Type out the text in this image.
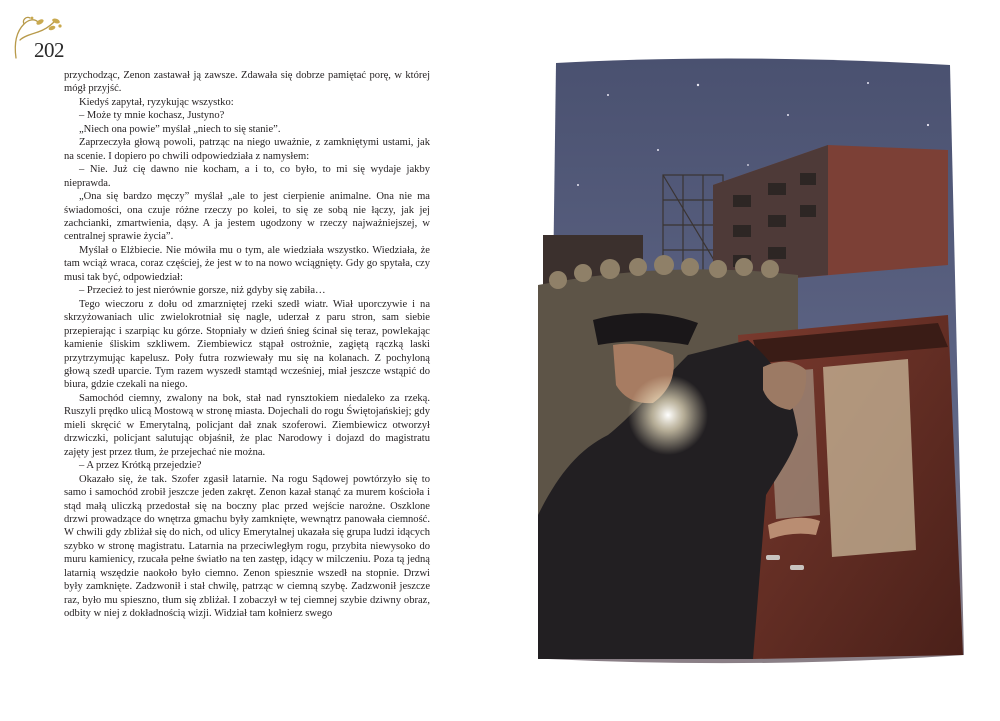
202

przychodząc, Zenon zastawał ją zawsze. Zdawała się dobrze pamiętać porę, w której mógł przyjść.

Kiedyś zapytał, ryzykując wszystko:

– Może ty mnie kochasz, Justyno?

„Niech ona powie” myślał „niech to się stanie”.

Zaprzeczyła głową powoli, patrząc na niego uważnie, z zamkniętymi ustami, jak na scenie. I dopiero po chwili odpowiedziała z namysłem:

– Nie. Już cię dawno nie kocham, a i to, co było, to mi się wydaje jakby nieprawda.

„Ona się bardzo męczy” myślał „ale to jest cierpienie animalne. Ona nie ma świadomości, ona czuje różne rzeczy po kolei, to się ze sobą nie łączy, jak jej zachcianki, zmartwienia, dąsy. A ja jestem ugodzony w rzeczy najważniejszej, w centralnej sprawie życia”.

Myślał o Elżbiecie. Nie mówiła mu o tym, ale wiedziała wszystko. Wiedziała, że tam wciąż wraca, coraz częściej, że jest w to na nowo wciągnięty. Gdy go spytała, czy musi tak być, odpowiedział:

– Przecież to jest nierównie gorsze, niż gdyby się zabiła…

Tego wieczoru z dołu od zmarzniętej rzeki szedł wiatr. Wiał uporczywie i na skrzyżowaniach ulic zwielokrotniał się nagle, uderzał z paru stron, sam siebie przepierając i szarpiąc ku górze. Stopniały w dzień śnieg ścinał się teraz, powlekając kamienie śliskim szkliwem. Ziembiewicz stąpał ostrożnie, zagiętą rączką laski przytrzymując kapelusz. Poły futra rozwiewały mu się na kolanach. Z pochyloną głową szedł uparcie. Tym razem wyszedł stamtąd wcześniej, miał jeszcze wstąpić do biura, gdzie czekali na niego.

Samochód ciemny, zwalony na bok, stał nad rynsztokiem niedaleko za rzeką. Ruszyli prędko ulicą Mostową w stronę miasta. Dojechali do rogu Świętojańskiej; gdy mieli skręcić w Emerytalną, policjant dał znak szoferowi. Ziembiewicz otworzył drzwiczki, policjant salutując objaśnił, że plac Narodowy i dojazd do magistratu zajęty jest przez tłum, że przejechać nie można.

– A przez Krótką przejedzie?

Okazało się, że tak. Szofer zgasił latarnie. Na rogu Sądowej powtórzyło się to samo i samochód zrobił jeszcze jeden zakręt. Zenon kazał stanąć za murem kościoła i stąd małą uliczką przedostał się na boczny plac przed wejście narożne. Oszklone drzwi prowadzące do wnętrza gmachu były zamknięte, wewnątrz panowała ciemność. W chwili gdy zbliżał się do nich, od ulicy Emerytalnej ukazała się grupa ludzi idących szybko w stronę magistratu. Latarnia na przeciwległym rogu, przybita niewysoko do muru kamienicy, rzucała pełne światło na ten zastęp, idący w milczeniu. Poza tą jedną latarnią wszędzie naokoło było ciemno. Zenon spiesznie wszedł na stopnie. Drzwi były zamknięte. Zadzwonił i stał chwilę, patrząc w ciemną szybę. Zadzwonił jeszcze raz, było mu spieszno, tłum się zbliżał. I zobaczył w tej ciemnej szybie dziwny obraz, odbity w niej z dokładnością wizji. Widział tam kołnierz swego
